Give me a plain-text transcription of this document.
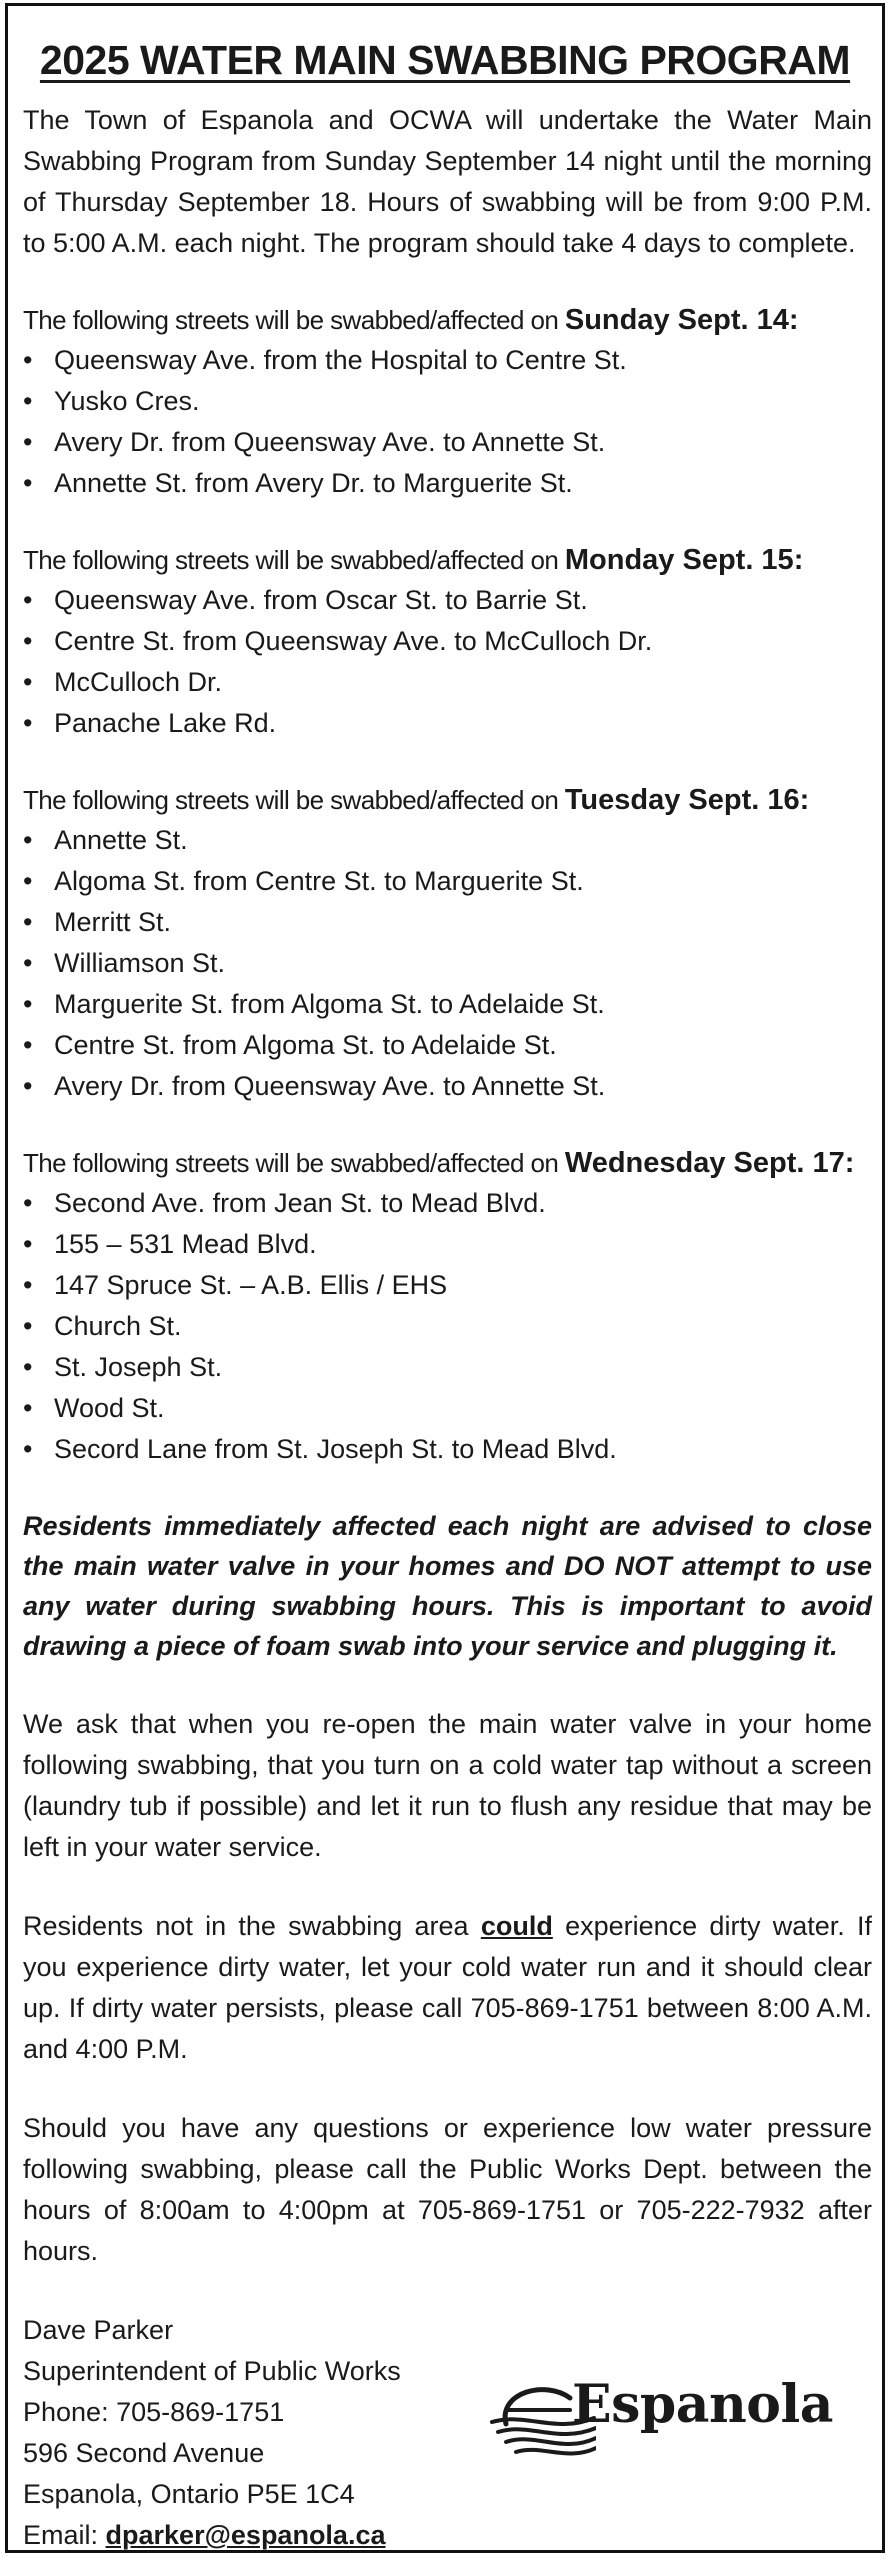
2025 WATER MAIN SWABBING PROGRAM

The Town of Espanola and OCWA will undertake the Water Main Swabbing Program from Sunday September 14 night until the morning of Thursday September 18. Hours of swabbing will be from 9:00 P.M. to 5:00 A.M. each night. The program should take 4 days to complete.

The following streets will be swabbed/affected on Sunday Sept. 14:
• Queensway Ave. from the Hospital to Centre St.
• Yusko Cres.
• Avery Dr. from Queensway Ave. to Annette St.
• Annette St. from Avery Dr. to Marguerite St.
The following streets will be swabbed/affected on Monday Sept. 15:
• Queensway Ave. from Oscar St. to Barrie St.
• Centre St. from Queensway Ave. to McCulloch Dr.
• McCulloch Dr.
• Panache Lake Rd.
The following streets will be swabbed/affected on Tuesday Sept. 16:
• Annette St.
• Algoma St. from Centre St. to Marguerite St.
• Merritt St.
• Williamson St.
• Marguerite St. from Algoma St. to Adelaide St.
• Centre St. from Algoma St. to Adelaide St.
• Avery Dr. from Queensway Ave. to Annette St.
The following streets will be swabbed/affected on Wednesday Sept. 17:
• Second Ave. from Jean St. to Mead Blvd.
• 155 – 531 Mead Blvd.
• 147 Spruce St. – A.B. Ellis / EHS
• Church St.
• St. Joseph St.
• Wood St.
• Secord Lane from St. Joseph St. to Mead Blvd.
Residents immediately affected each night are advised to close the main water valve in your homes and DO NOT attempt to use any water during swabbing hours. This is important to avoid drawing a piece of foam swab into your service and plugging it.
We ask that when you re-open the main water valve in your home following swabbing, that you turn on a cold water tap without a screen (laundry tub if possible) and let it run to flush any residue that may be left in your water service.
Residents not in the swabbing area could experience dirty water. If you experience dirty water, let your cold water run and it should clear up. If dirty water persists, please call 705-869-1751 between 8:00 A.M. and 4:00 P.M.
Should you have any questions or experience low water pressure following swabbing, please call the Public Works Dept. between the hours of 8:00am to 4:00pm at 705-869-1751 or 705-222-7932 after hours.
Dave Parker
Superintendent of Public Works
Phone: 705-869-1751
596 Second Avenue
Espanola, Ontario P5E 1C4
Email: dparker@espanola.ca
Espanola
